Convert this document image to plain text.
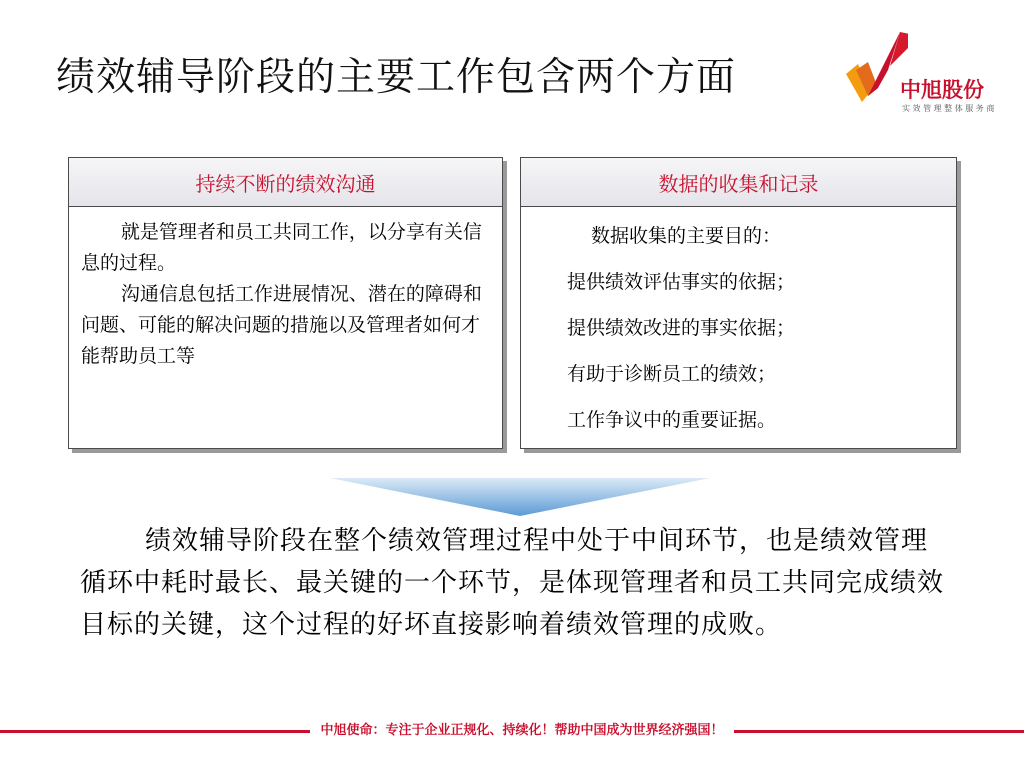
绩效辅导阶段的主要工作包含两个方面	中旭股份
实 效 管 理 整 体 服 务 商
持续不断的绩效沟通

就是管理者和员工共同工作，以分享有关信息的过程。

沟通信息包括工作进展情况、潜在的障碍和问题、可能的解决问题的措施以及管理者如何才能帮助员工等

数据的收集和记录

数据收集的主要目的：

提供绩效评估事实的依据；

提供绩效改进的事实依据；

有助于诊断员工的绩效；

工作争议中的重要证据。

绩效辅导阶段在整个绩效管理过程中处于中间环节，也是绩效管理循环中耗时最长、最关键的一个环节，是体现管理者和员工共同完成绩效目标的关键，这个过程的好坏直接影响着绩效管理的成败。

中旭使命：专注于企业正规化、持续化！帮助中国成为世界经济强国！
